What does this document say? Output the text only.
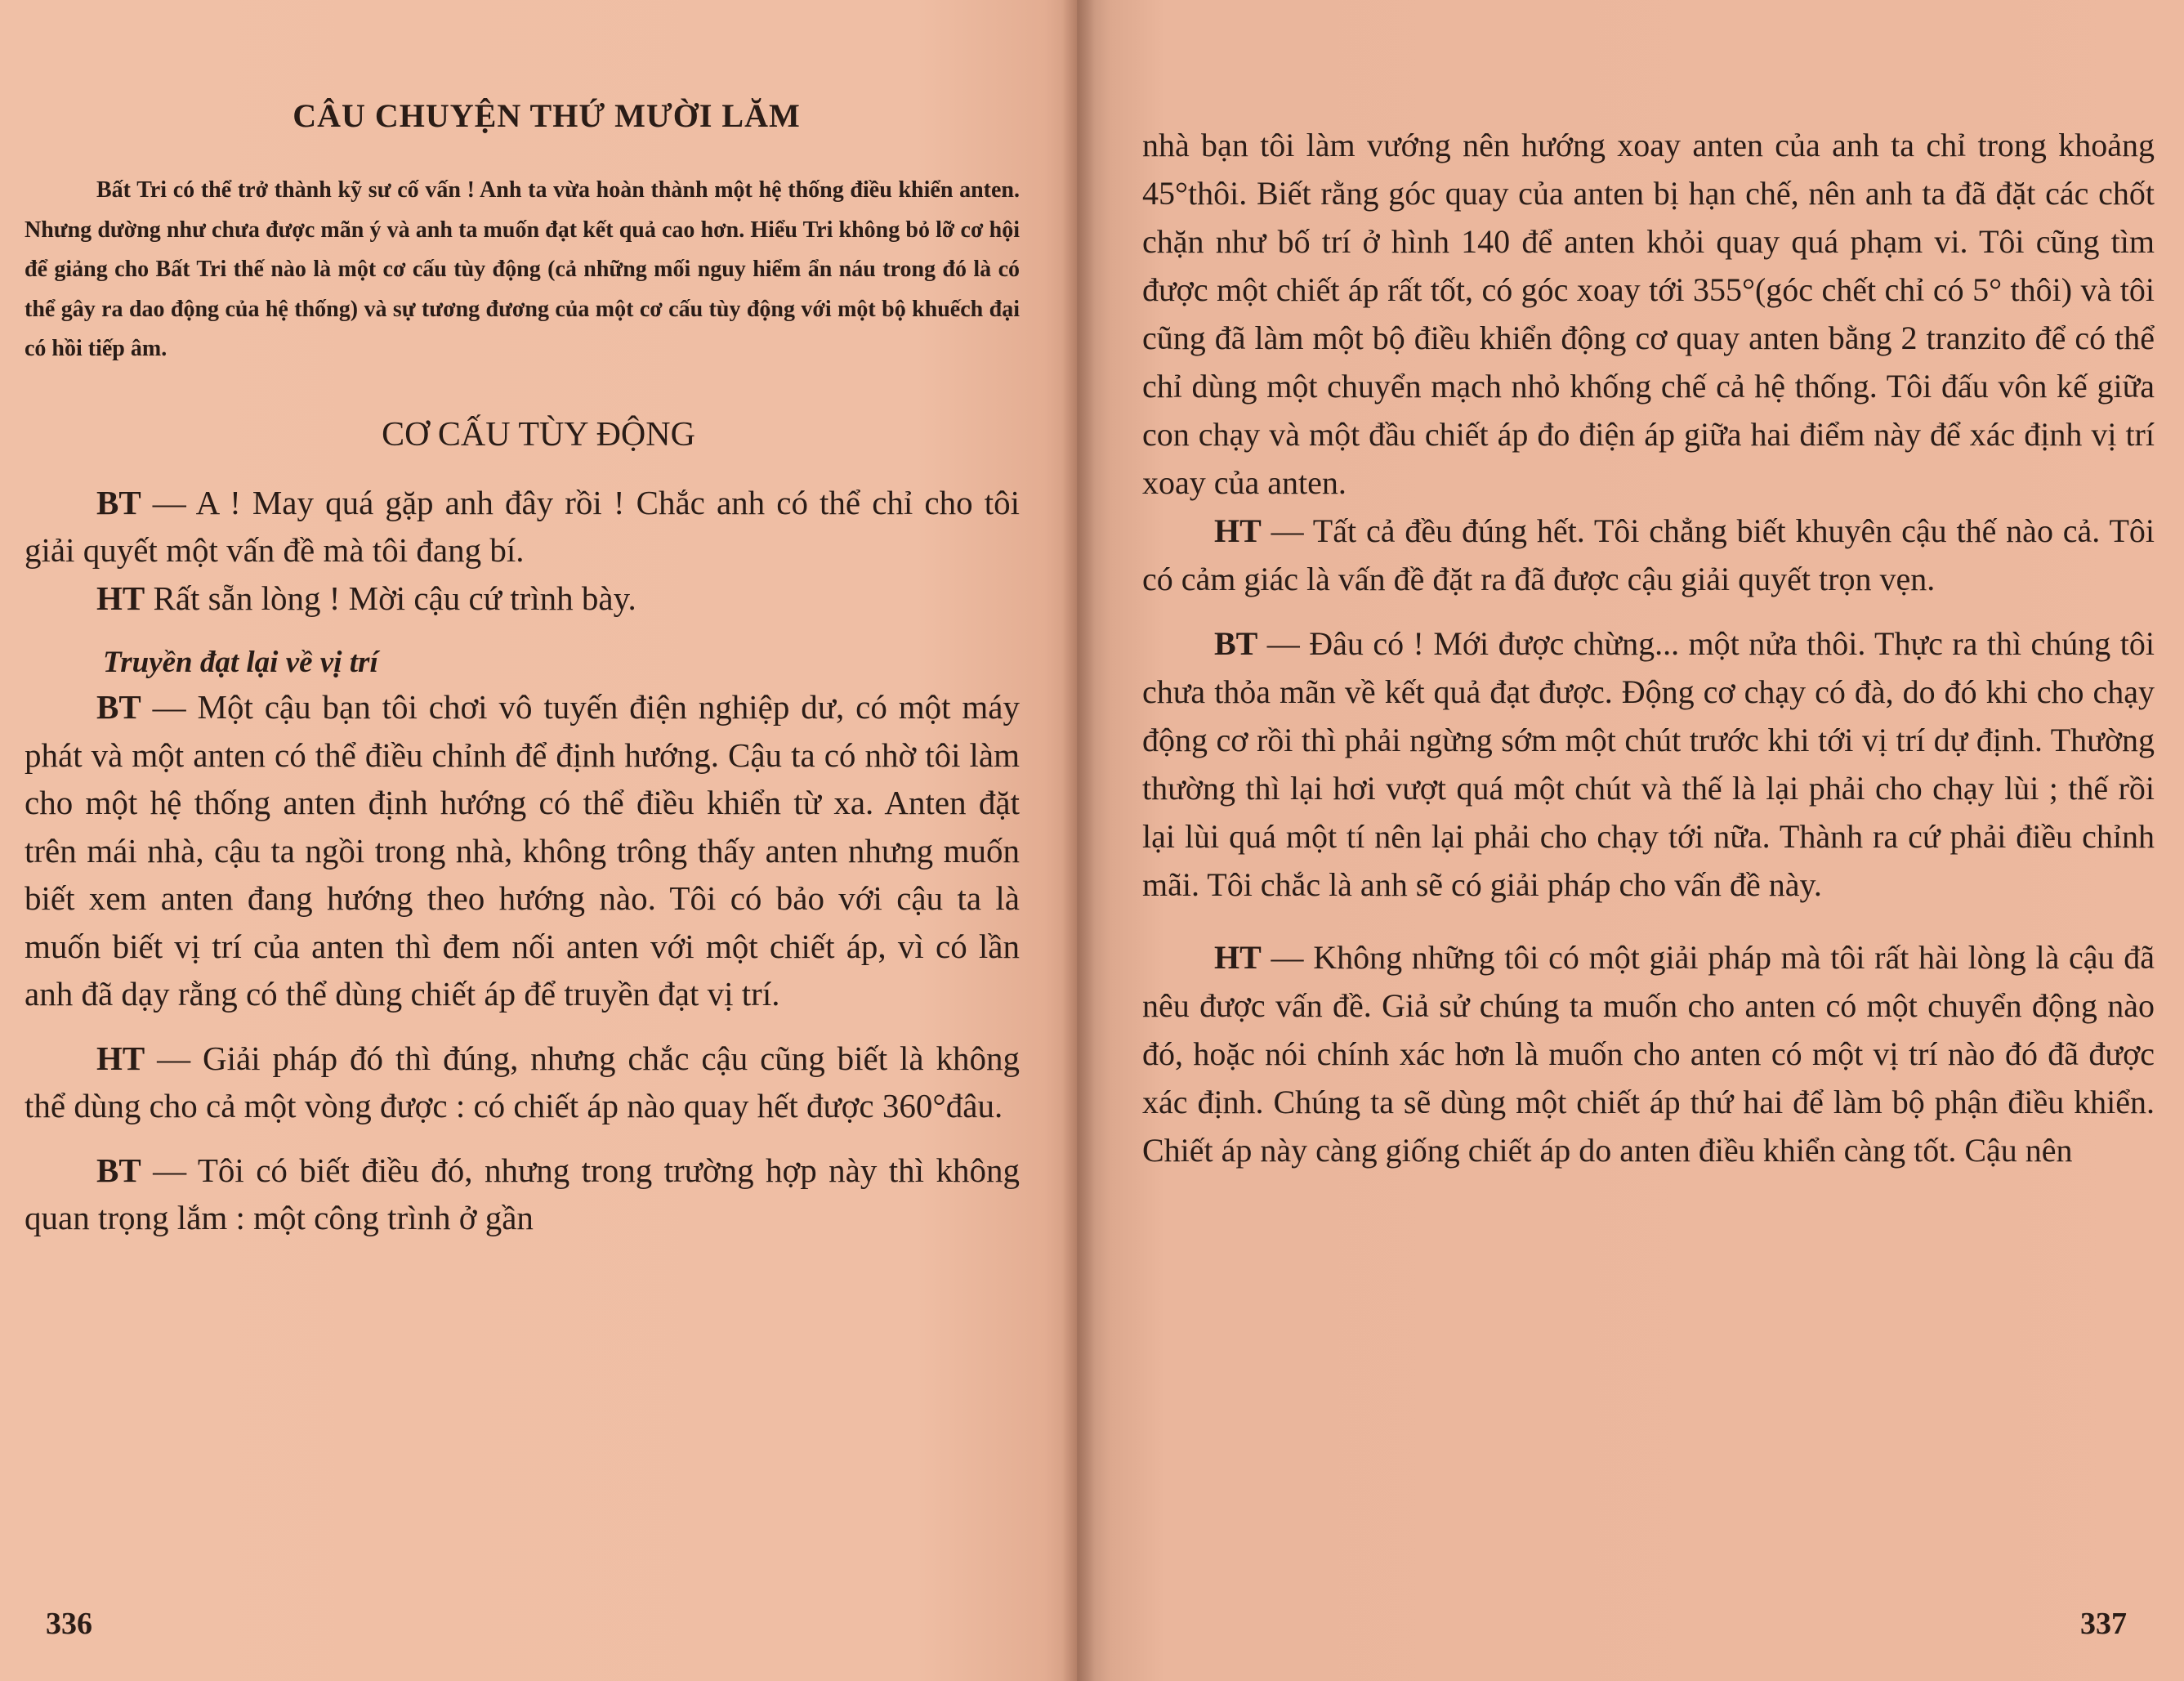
CÂU CHUYỆN THỨ MƯỜI LĂM

Bất Tri có thể trở thành kỹ sư cố vấn ! Anh ta vừa hoàn thành một hệ thống điều khiển anten. Nhưng dường như chưa được mãn ý và anh ta muốn đạt kết quả cao hơn. Hiểu Tri không bỏ lỡ cơ hội để giảng cho Bất Tri thế nào là một cơ cấu tùy động (cả những mối nguy hiểm ẩn náu trong đó là có thể gây ra dao động của hệ thống) và sự tương đương của một cơ cấu tùy động với một bộ khuếch đại có hồi tiếp âm.

CƠ CẤU TÙY ĐỘNG

BT — A ! May quá gặp anh đây rồi ! Chắc anh có thể chỉ cho tôi giải quyết một vấn đề mà tôi đang bí.

HT Rất sẵn lòng ! Mời cậu cứ trình bày.

Truyền đạt lại về vị trí

BT — Một cậu bạn tôi chơi vô tuyến điện nghiệp dư, có một máy phát và một anten có thể điều chỉnh để định hướng. Cậu ta có nhờ tôi làm cho một hệ thống anten định hướng có thể điều khiển từ xa. Anten đặt trên mái nhà, cậu ta ngồi trong nhà, không trông thấy anten nhưng muốn biết xem anten đang hướng theo hướng nào. Tôi có bảo với cậu ta là muốn biết vị trí của anten thì đem nối anten với một chiết áp, vì có lần anh đã dạy rằng có thể dùng chiết áp để truyền đạt vị trí.

HT — Giải pháp đó thì đúng, nhưng chắc cậu cũng biết là không thể dùng cho cả một vòng được : có chiết áp nào quay hết được 360°đâu.

BT — Tôi có biết điều đó, nhưng trong trường hợp này thì không quan trọng lắm : một công trình ở gần

336

nhà bạn tôi làm vướng nên hướng xoay anten của anh ta chỉ trong khoảng 45°thôi. Biết rằng góc quay của anten bị hạn chế, nên anh ta đã đặt các chốt chặn như bố trí ở hình 140 để anten khỏi quay quá phạm vi. Tôi cũng tìm được một chiết áp rất tốt, có góc xoay tới 355°(góc chết chỉ có 5° thôi) và tôi cũng đã làm một bộ điều khiển động cơ quay anten bằng 2 tranzito để có thể chỉ dùng một chuyển mạch nhỏ khống chế cả hệ thống. Tôi đấu vôn kế giữa con chạy và một đầu chiết áp đo điện áp giữa hai điểm này để xác định vị trí xoay của anten.

HT — Tất cả đều đúng hết. Tôi chẳng biết khuyên cậu thế nào cả. Tôi có cảm giác là vấn đề đặt ra đã được cậu giải quyết trọn vẹn.

BT — Đâu có ! Mới được chừng... một nửa thôi. Thực ra thì chúng tôi chưa thỏa mãn về kết quả đạt được. Động cơ chạy có đà, do đó khi cho chạy động cơ rồi thì phải ngừng sớm một chút trước khi tới vị trí dự định. Thường thường thì lại hơi vượt quá một chút và thế là lại phải cho chạy lùi ; thế rồi lại lùi quá một tí nên lại phải cho chạy tới nữa. Thành ra cứ phải điều chỉnh mãi. Tôi chắc là anh sẽ có giải pháp cho vấn đề này.

HT — Không những tôi có một giải pháp mà tôi rất hài lòng là cậu đã nêu được vấn đề. Giả sử chúng ta muốn cho anten có một chuyển động nào đó, hoặc nói chính xác hơn là muốn cho anten có một vị trí nào đó đã được xác định. Chúng ta sẽ dùng một chiết áp thứ hai để làm bộ phận điều khiển. Chiết áp này càng giống chiết áp do anten điều khiển càng tốt. Cậu nên

337
